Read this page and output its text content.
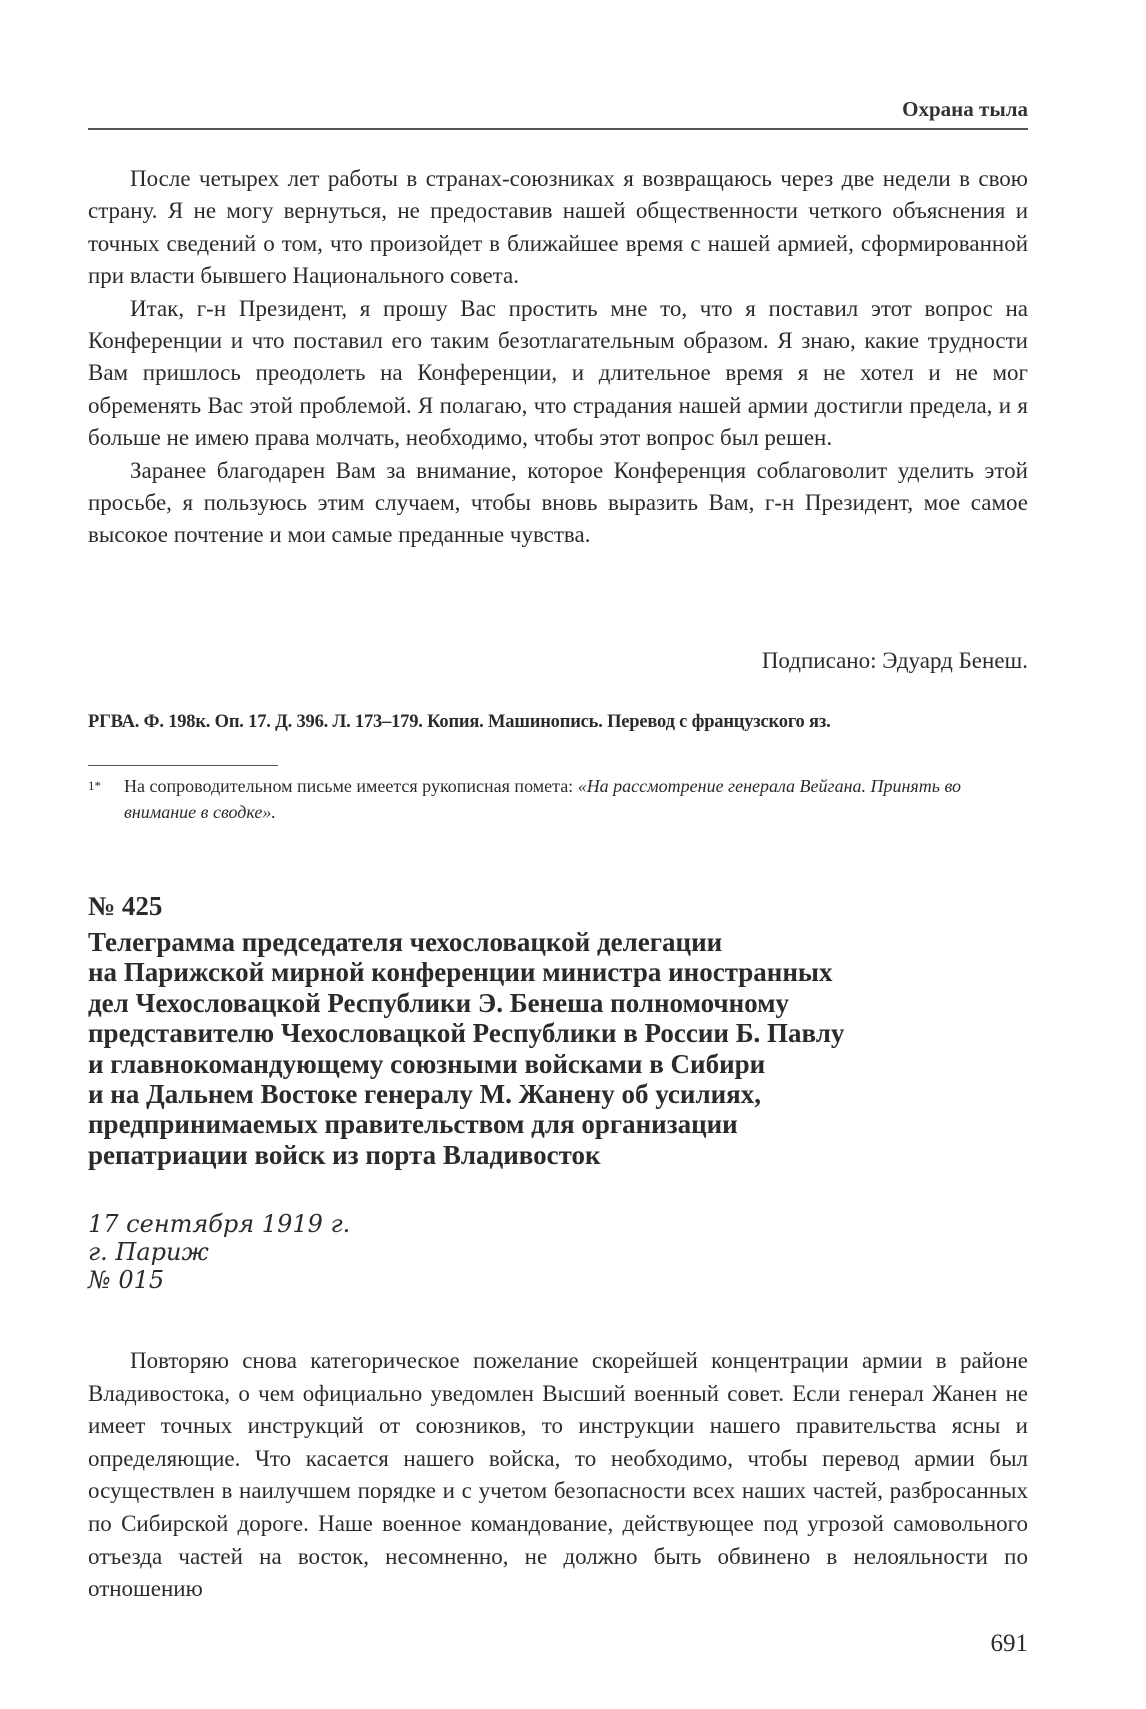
Охрана тыла

После четырех лет работы в странах-союзниках я возвращаюсь через две недели в свою страну. Я не могу вернуться, не предоставив нашей общественности четкого объяснения и точных сведений о том, что произойдет в ближайшее время с нашей армией, сформированной при власти бывшего Национального совета.

Итак, г-н Президент, я прошу Вас простить мне то, что я поставил этот вопрос на Конференции и что поставил его таким безотлагательным образом. Я знаю, какие трудности Вам пришлось преодолеть на Конференции, и длительное время я не хотел и не мог обременять Вас этой проблемой. Я полагаю, что страдания нашей армии достигли предела, и я больше не имею права молчать, необходимо, чтобы этот вопрос был решен.

Заранее благодарен Вам за внимание, которое Конференция соблаговолит уделить этой просьбе, я пользуюсь этим случаем, чтобы вновь выразить Вам, г-н Президент, мое самое высокое почтение и мои самые преданные чувства.

Подписано: Эдуард Бенеш.
РГВА. Ф. 198к. Оп. 17. Д. 396. Л. 173–179. Копия. Машинопись. Перевод с французского яз.
1* На сопроводительном письме имеется рукописная помета: «На рассмотрение генерала Вейгана. Принять во внимание в сводке».
№ 425
Телеграмма председателя чехословацкой делегации
на Парижской мирной конференции министра иностранных
дел Чехословацкой Республики Э. Бенеша полномочному
представителю Чехословацкой Республики в России Б. Павлу
и главнокомандующему союзными войсками в Сибири
и на Дальнем Востоке генералу М. Жанену об усилиях,
предпринимаемых правительством для организации
репатриации войск из порта Владивосток
17 сентября 1919 г.
г. Париж
№ 015

Повторяю снова категорическое пожелание скорейшей концентрации армии в районе Владивостока, о чем официально уведомлен Высший военный совет. Если генерал Жанен не имеет точных инструкций от союзников, то инструкции нашего правительства ясны и определяющие. Что касается нашего войска, то необходимо, чтобы перевод армии был осуществлен в наилучшем порядке и с учетом безопасности всех наших частей, разбросанных по Сибирской дороге. Наше военное командование, действующее под угрозой самовольного отъезда частей на восток, несомненно, не должно быть обвинено в нелояльности по отношению

691
